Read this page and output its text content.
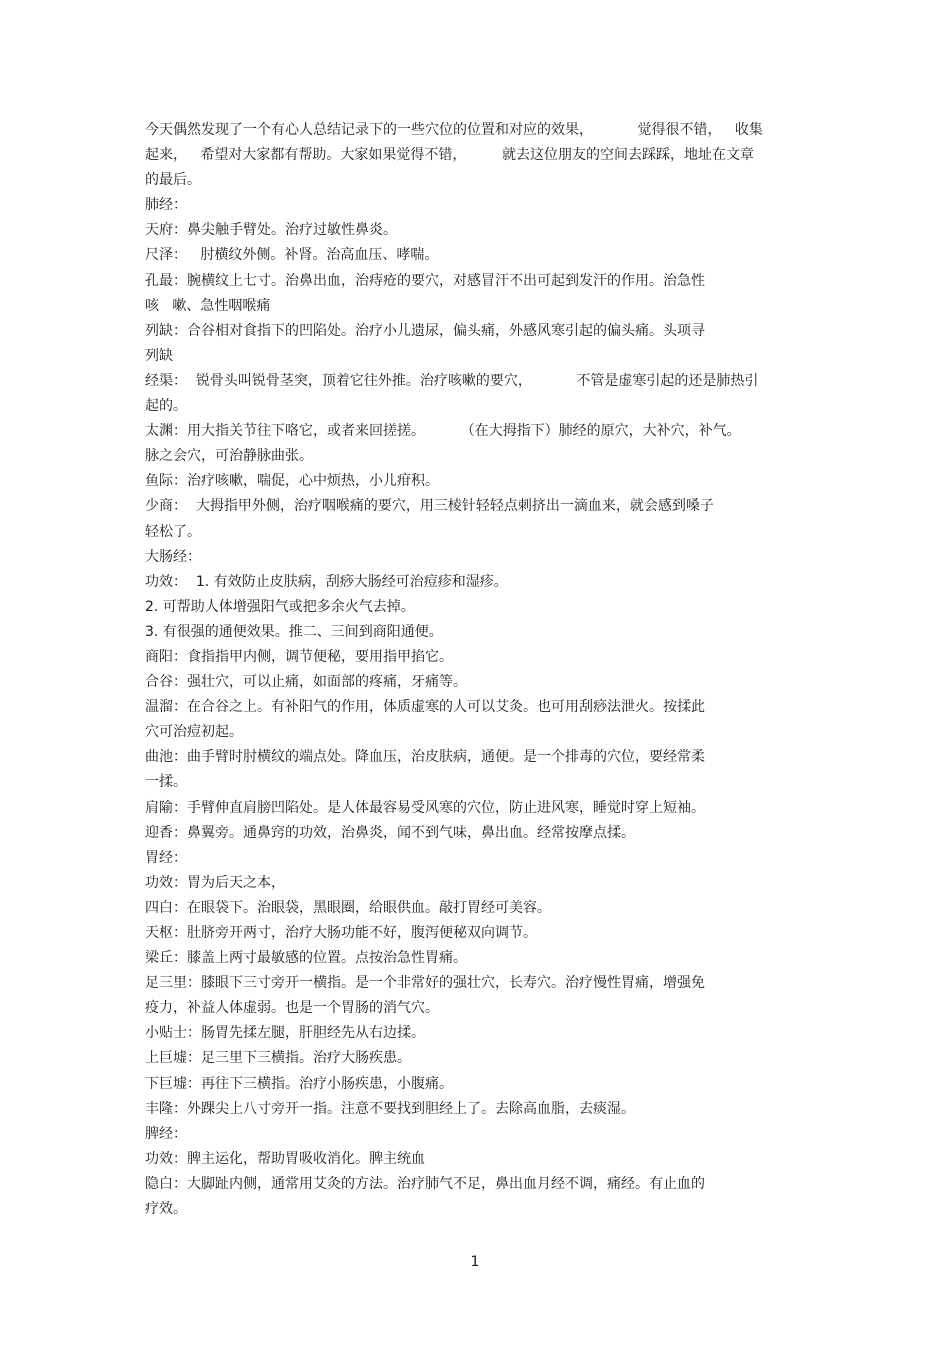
今天偶然发现了一个有心人总结记录下的一些穴位的位置和对应的效果，          觉得很不错，   收集
起来，   希望对大家都有帮助。大家如果觉得不错，        就去这位朋友的空间去踩踩，地址在文章
的最后。
肺经：
天府：鼻尖触手臂处。治疗过敏性鼻炎。
尺泽：   肘横纹外侧。补肾。治高血压、哮喘。
孔最：腕横纹上七寸。治鼻出血，治痔疮的要穴，对感冒汗不出可起到发汗的作用。治急性
咳   嗽、急性咽喉痛
列缺：合谷相对食指下的凹陷处。治疗小儿遗尿，偏头痛，外感风寒引起的偏头痛。头项寻
列缺
经渠：  锐骨头叫锐骨茎突，顶着它往外推。治疗咳嗽的要穴，          不管是虚寒引起的还是肺热引
起的。
太渊：用大指关节往下咯它，或者来回搓搓。        （在大拇指下）肺经的原穴，大补穴，补气。
脉之会穴，可治静脉曲张。
鱼际：治疗咳嗽，喘促，心中烦热，小儿疳积。
少商：  大拇指甲外侧，治疗咽喉痛的要穴，用三棱针轻轻点刺挤出一滴血来，就会感到嗓子
轻松了。
大肠经：
功效：  1. 有效防止皮肤病，刮痧大肠经可治痘疹和湿疹。
2. 可帮助人体增强阳气或把多余火气去掉。
3. 有很强的通便效果。推二、三间到商阳通便。
商阳：食指指甲内侧，调节便秘，要用指甲掐它。
合谷：强壮穴，可以止痛，如面部的疼痛，牙痛等。
温溜：在合谷之上。有补阳气的作用，体质虚寒的人可以艾灸。也可用刮痧法泄火。按揉此
穴可治痘初起。
曲池：曲手臂时肘横纹的端点处。降血压，治皮肤病，通便。是一个排毒的穴位，要经常柔
一揉。
肩隃：手臂伸直肩膀凹陷处。是人体最容易受风寒的穴位，防止进风寒，睡觉时穿上短袖。
迎香：鼻翼旁。通鼻窍的功效，治鼻炎，闻不到气味，鼻出血。经常按摩点揉。
胃经：
功效：胃为后天之本，
四白：在眼袋下。治眼袋，黑眼圈，给眼供血。敲打胃经可美容。
天枢：肚脐旁开两寸，治疗大肠功能不好，腹泻便秘双向调节。
梁丘：膝盖上两寸最敏感的位置。点按治急性胃痛。
足三里：膝眼下三寸旁开一横指。是一个非常好的强壮穴，长寿穴。治疗慢性胃痛，增强免
疫力，补益人体虚弱。也是一个胃肠的消气穴。
小贴士：肠胃先揉左腿，肝胆经先从右边揉。
上巨墟：足三里下三横指。治疗大肠疾患。
下巨墟：再往下三横指。治疗小肠疾患，小腹痛。
丰隆：外踝尖上八寸旁开一指。注意不要找到胆经上了。去除高血脂，去痰湿。
脾经：
功效：脾主运化，帮助胃吸收消化。脾主统血
隐白：大脚趾内侧，通常用艾灸的方法。治疗肺气不足，鼻出血月经不调，痛经。有止血的
疗效。
1
